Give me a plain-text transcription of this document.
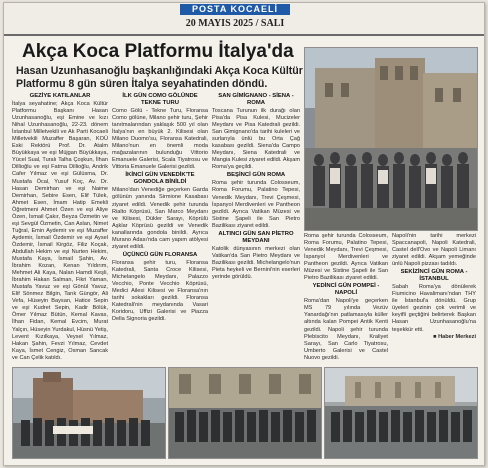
POSTA KOCAELİ
20 MAYIS 2025 / SALI
Akça Koca Platformu İtalya'da
Hasan Uzunhasanoğlu başkanlığındaki Akça Koca Kültür Platformu 8 gün süren İtalya seyahatinden döndü.
GEZİYE KATILANLAR

İtalya seyahatine; Akça Koca Kültür Platformu Başkanı Hasan Uzunhasanoğlu, eşi Emine ve kızı Nihal Uzunhasanoğlu, 22-23. dönem İstanbul Milletvekili ve Ak Parti Kocaeli Milletvekili Muzaffer Başaran, KOÜ Eski Rektörü Prof. Dr. Atalm Büyükkaya ve eşi Müjgan Büyükkaya, Yücel Sual, Turalı Talha Çoşkun, İlhan Dillioğlu ve eşi Fatma Dillioğlu, Andrik Cafer Yılmaz ve eşi Gülüsma, Dr. Mustafa Öcal, Yusuf Koç, Av. Dr. Hasan Demirhan ve eşi Naime Demirhan, Sebire Esen, Elif Tülek, Ahmet Esen, İmam Hatip Emekli Öğretmeni Ahmet Özen ve eşi Aliye Özen, İsmail Çakır, Beyza Özmetin ve eşi Sevgül Özmetin, Can Aslan, Nimet Tuğral, Emin Aydemir ve eşi Muzaffer Aydemir, İsmail Özdemir ve eşi Aysel Özdemir, İsmail Kirgöz, Filiz Koçak, Abdullah Hekim ve eşi Nurten Hekim, Mustafa Kaya, İsmail Şahin, Av. İbrahim Kozan, Kenan Yıldırım, Mehmet Ali Kaya, Nalan Hamdi Keşli, İbrahim Hakan Salman, Fikri Yaman, Mustafa Yavuz ve eşi Gönül Yavuz, Elif Sönmez Bilgin, Tarık Güngör, Ali Vefa, Hüseyin Baysan, Hatice Sepin ve eşi Kudret Sepin, Kadir Bölük, Ömer Yılmaz Bütün, Kemal Kavas, İlhan Fidan, Kemal Evcim, Murat Yalçın, Hüseyin Yurdakul, Hüsnü Yetiş, Levent Kızılkaya, Veysel Yılmaz, Hakan Şahin, Fevzi Yılmaz, Cevdet Kaya, İsmet Cengiz, Osman Sancak ve Can Çelik katıldı.

İLK GÜN COMO GÖLÜNDE TEKNE TURU

Como Gölü - Tekne Turu, Floransa Como gölüne, Milano şehir turu, Şehir tanıtmalarından yaklaşık 500 yıl olan İtalya'nın en büyük 2. Kilisesi olan Milano Duomo'su, Floransa Katedrali, Milano'nun en önemli moda mağazalarının bulunduğu Vittorio Emanuele Galerisi, Scala Tiyatrosu ve Vittoria Emanuele Galerisi gezildi.

İKİNCİ GÜN VENEDİK'TE GONDOLA BİNİLDİ

Milano'dan Venediğe geçerken Garda gölünün yanında Sirmione Kasabası ziyaret edildi. Venedik şehir turunda Rialto Köprüsü, San Marco Meydanı ve Kilisesi, Dükler Sarayı, Köprülü Aşklar Köprüsü gezildi ve Venedik kanallarında gondola binildi. Ayrıca Murano Adası'nda cam yapım atölyesi ziyaret edildi.

ÜÇÜNCÜ GÜN FLORANSA

Floransa şehir turu, Floransa Katedrali, Santa Croce Kilisesi, Michelangelo Meydanı, Palazzo Vecchio, Ponte Vecchio Köprüsü, Medici Ailesi Kilisesi ve Floransa'nın tarihi sokakları gezildi. Floransa Katedrali'nin meydanında Vasari Koridoru, Uffizi Galerisi ve Piazza Della Signoria gezildi.

SAN GİMİGNANO - SİENA - ROMA

Toscana Turunun ilk durağı olan Pisa'da Pisa Kulesi, Mucizeler Meydanı ve Pisa Katedrali gezildi. San Gimignano'da tarihi kuleleri ve surlarıyla ünlü bu Orta Çağ kasabası gezildi. Siena'da Campo Meydanı, Siena Katedrali ve Mangia Kulesi ziyaret edildi. Akşam Roma'ya geçildi.

BEŞİNCİ GÜN ROMA

Roma şehir turunda Colosseum, Roma Forumu, Palatino Tepesi, Venedik Meydanı, Trevi Çeşmesi, İspanyol Merdivenleri ve Pantheon gezildi. Ayrıca Vatikan Müzesi ve Sistine Şapeli ile San Pietro Bazilikası ziyaret edildi.

ALTINCI GÜN SAN PİETRO MEYDANI

Katolik dünyasının merkezi olan Vatikan'da San Pietro Meydanı ve Bazilikası gezildi. Michelangelo'nun Pieta heykeli ve Bernini'nin eserleri yerinde görüldü.

Roma şehir turunda Colosseum, Roma Forumu, Palatino Tepesi, Venedik Meydanı, Trevi Çeşmesi, İspanyol Merdivenleri ve Pantheon gezildi. Ayrıca Vatikan Müzesi ve Sistine Şapeli ile San Pietro Bazilikası ziyaret edildi.

YEDİNCİ GÜN POMPEİ - NAPOLİ

Roma'dan Napoli'ye geçerken MS 79 yılında Vezüv Yanardağı'nın patlamasıyla küller altında kalan Pompei Antik Kenti gezildi. Napoli şehir turunda Plebiscito Meydanı, Kraliyet Sarayı, San Carlo Tiyatrosu, Umberto Galerisi ve Castel Nuovo gezildi.

Napoli'nin tarihi merkezi Spaccanapoli, Napoli Katedrali, Castel dell'Ovo ve Napoli Limanı ziyaret edildi. Akşam yemeğinde ünlü Napoli pizzası tadıldı.

SEKİZİNCİ GÜN ROMA - İSTANBUL

Sabah Roma'ya dönülerek Fiumicino Havalimanı'ndan THY ile İstanbul'a dönüldü. Grup üyeleri gezinin çok verimli ve keyifli geçtiğini belirterek Başkan Hasan Uzunhasanoğlu'na teşekkür etti.

■ Haber Merkezi
